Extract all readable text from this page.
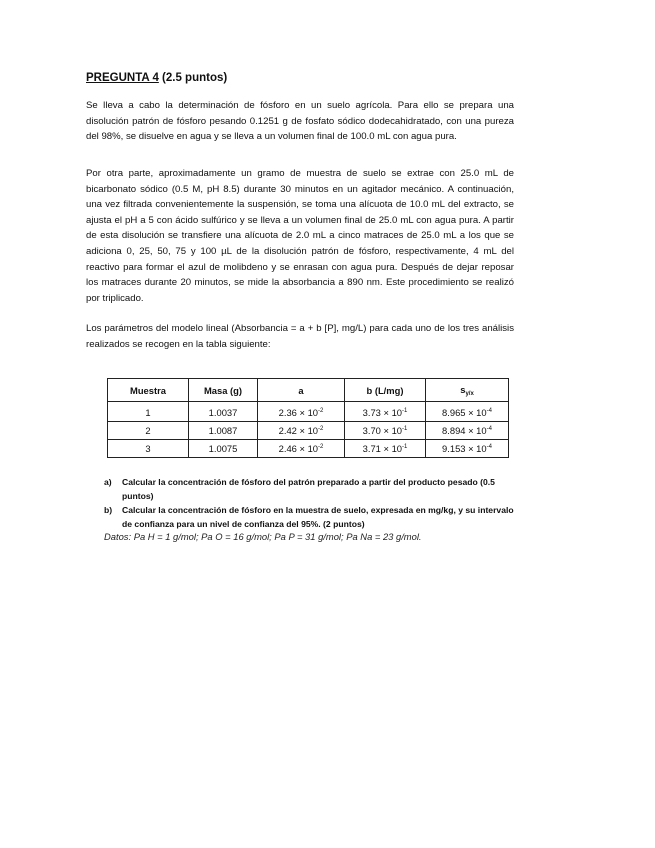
PREGUNTA 4 (2.5 puntos)
Se lleva a cabo la determinación de fósforo en un suelo agrícola. Para ello se prepara una disolución patrón de fósforo pesando 0.1251 g de fosfato sódico dodecahidratado, con una pureza del 98%, se disuelve en agua y se lleva a un volumen final de 100.0 mL con agua pura.
Por otra parte, aproximadamente un gramo de muestra de suelo se extrae con 25.0 mL de bicarbonato sódico (0.5 M, pH 8.5) durante 30 minutos en un agitador mecánico. A continuación, una vez filtrada convenientemente la suspensión, se toma una alícuota de 10.0 mL del extracto, se ajusta el pH a 5 con ácido sulfúrico y se lleva a un volumen final de 25.0 mL con agua pura. A partir de esta disolución se transfiere una alícuota de 2.0 mL a cinco matraces de 25.0 mL a los que se adiciona 0, 25, 50, 75 y 100 µL de la disolución patrón de fósforo, respectivamente, 4 mL del reactivo para formar el azul de molibdeno y se enrasan con agua pura. Después de dejar reposar los matraces durante 20 minutos, se mide la absorbancia a 890 nm. Este procedimiento se realizó por triplicado.
Los parámetros del modelo lineal (Absorbancia = a + b [P], mg/L) para cada uno de los tres análisis realizados se recogen en la tabla siguiente:
Muestra	Masa (g)	a	b (L/mg)	$s_{y/x}$
1	1.0037	$2.36 \times 10^{-2}$	$3.73 \times 10^{-1}$	$8.965 \times 10^{-4}$
2	1.0087	$2.42 \times 10^{-2}$	$3.70 \times 10^{-1}$	$8.894 \times 10^{-4}$
3	1.0075	$2.46 \times 10^{-2}$	$3.71 \times 10^{-1}$	$9.153 \times 10^{-4}$
a) Calcular la concentración de fósforo del patrón preparado a partir del producto pesado (0.5 puntos)
b) Calcular la concentración de fósforo en la muestra de suelo, expresada en mg/kg, y su intervalo de confianza para un nivel de confianza del 95%. (2 puntos)
Datos: Pa H = 1 g/mol; Pa O = 16 g/mol; Pa P = 31 g/mol; Pa Na = 23 g/mol.
